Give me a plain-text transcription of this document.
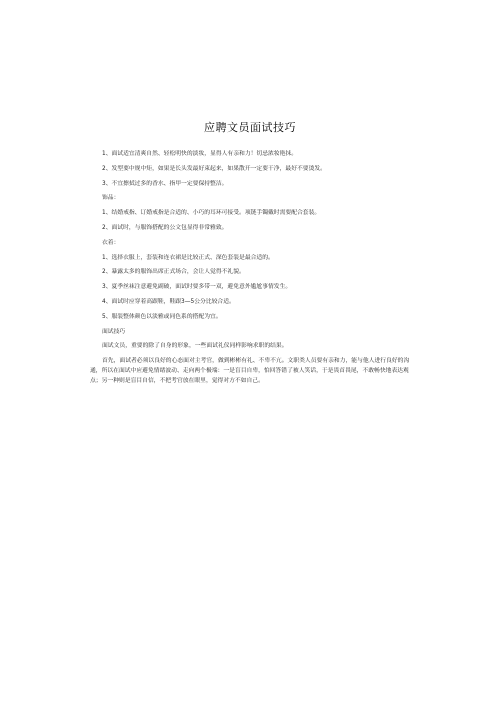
应聘文员面试技巧

1、面试适宜清爽自然、轻松明快的淡妆，显得人有亲和力！切忌浓妆艳抹。

2、发型要中规中矩，如果是长头发最好束起来，如果散开一定要干净，最好不要烫发。

3、不宜擦拭过多的香水、指甲一定要保持整洁。

饰品：

1、结婚戒指、订婚戒指是合适的、小巧的耳环可接受。项链手镯戴时需要配合套装。

2、面试时，与服饰搭配的公文包显得非常雅致。

衣着：

1、选择衣服上，套装和连衣裙是比较正式、深色套装是最合适的。

2、暴露太多的服饰出席正式场合，会让人觉得不礼貌。

3、夏季丝袜注意避免副破，面试时要多带一双，避免意外尴尬事情发生。

4、面试时应穿着高跟鞋，鞋跟3—5公分比较合适。

5、服装整体颜色以淡雅或同色系的搭配为宜。

面试技巧

面试文员，重要的除了自身的形象，一些面试礼仪同样影响求职的结果。

首先，面试者必须以良好的心态面对主考官，做到彬彬有礼、不卑不亢。文职类人员要有亲和力，能与他人进行良好的沟通，所以在面试中应避免情绪波动、走向两个极端：一是盲目自卑，怕回答错了被人笑话，于是畏首畏尾，不敢畅快地表达观点；另一种则是盲目自信，不把考官放在眼里，觉得对方不如自己。
